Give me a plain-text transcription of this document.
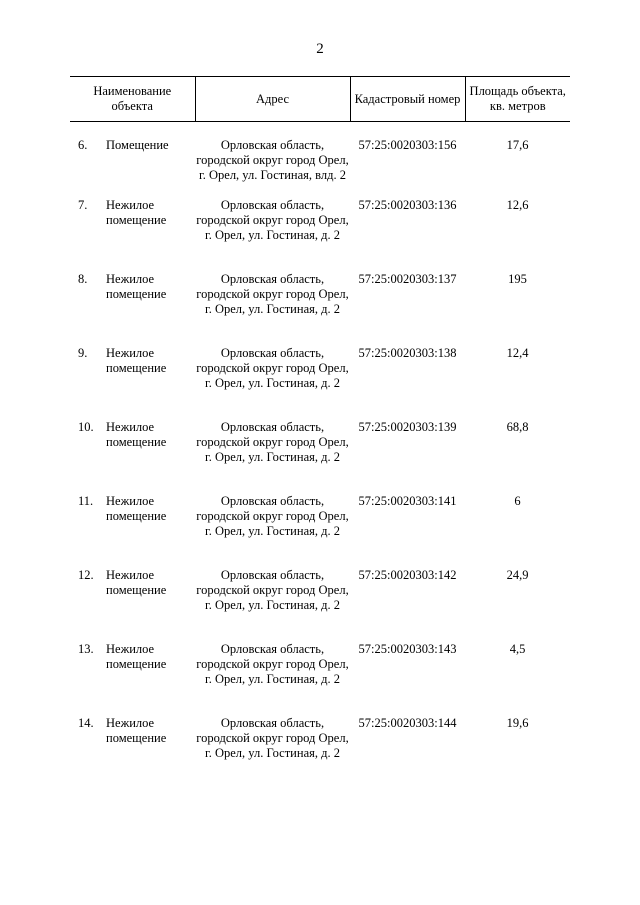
2
Наименование объекта	Адрес	Кадастровый номер	Площадь объекта, кв. метров
6. Помещение	Орловская область, городской округ город Орел, г. Орел, ул. Гостиная, влд. 2	57:25:0020303:156	17,6
7. Нежилое помещение	Орловская область, городской округ город Орел, г. Орел, ул. Гостиная, д. 2	57:25:0020303:136	12,6
8. Нежилое помещение	Орловская область, городской округ город Орел, г. Орел, ул. Гостиная, д. 2	57:25:0020303:137	195
9. Нежилое помещение	Орловская область, городской округ город Орел, г. Орел, ул. Гостиная, д. 2	57:25:0020303:138	12,4
10. Нежилое помещение	Орловская область, городской округ город Орел, г. Орел, ул. Гостиная, д. 2	57:25:0020303:139	68,8
11. Нежилое помещение	Орловская область, городской округ город Орел, г. Орел, ул. Гостиная, д. 2	57:25:0020303:141	6
12. Нежилое помещение	Орловская область, городской округ город Орел, г. Орел, ул. Гостиная, д. 2	57:25:0020303:142	24,9
13. Нежилое помещение	Орловская область, городской округ город Орел, г. Орел, ул. Гостиная, д. 2	57:25:0020303:143	4,5
14. Нежилое помещение	Орловская область, городской округ город Орел, г. Орел, ул. Гостиная, д. 2	57:25:0020303:144	19,6
